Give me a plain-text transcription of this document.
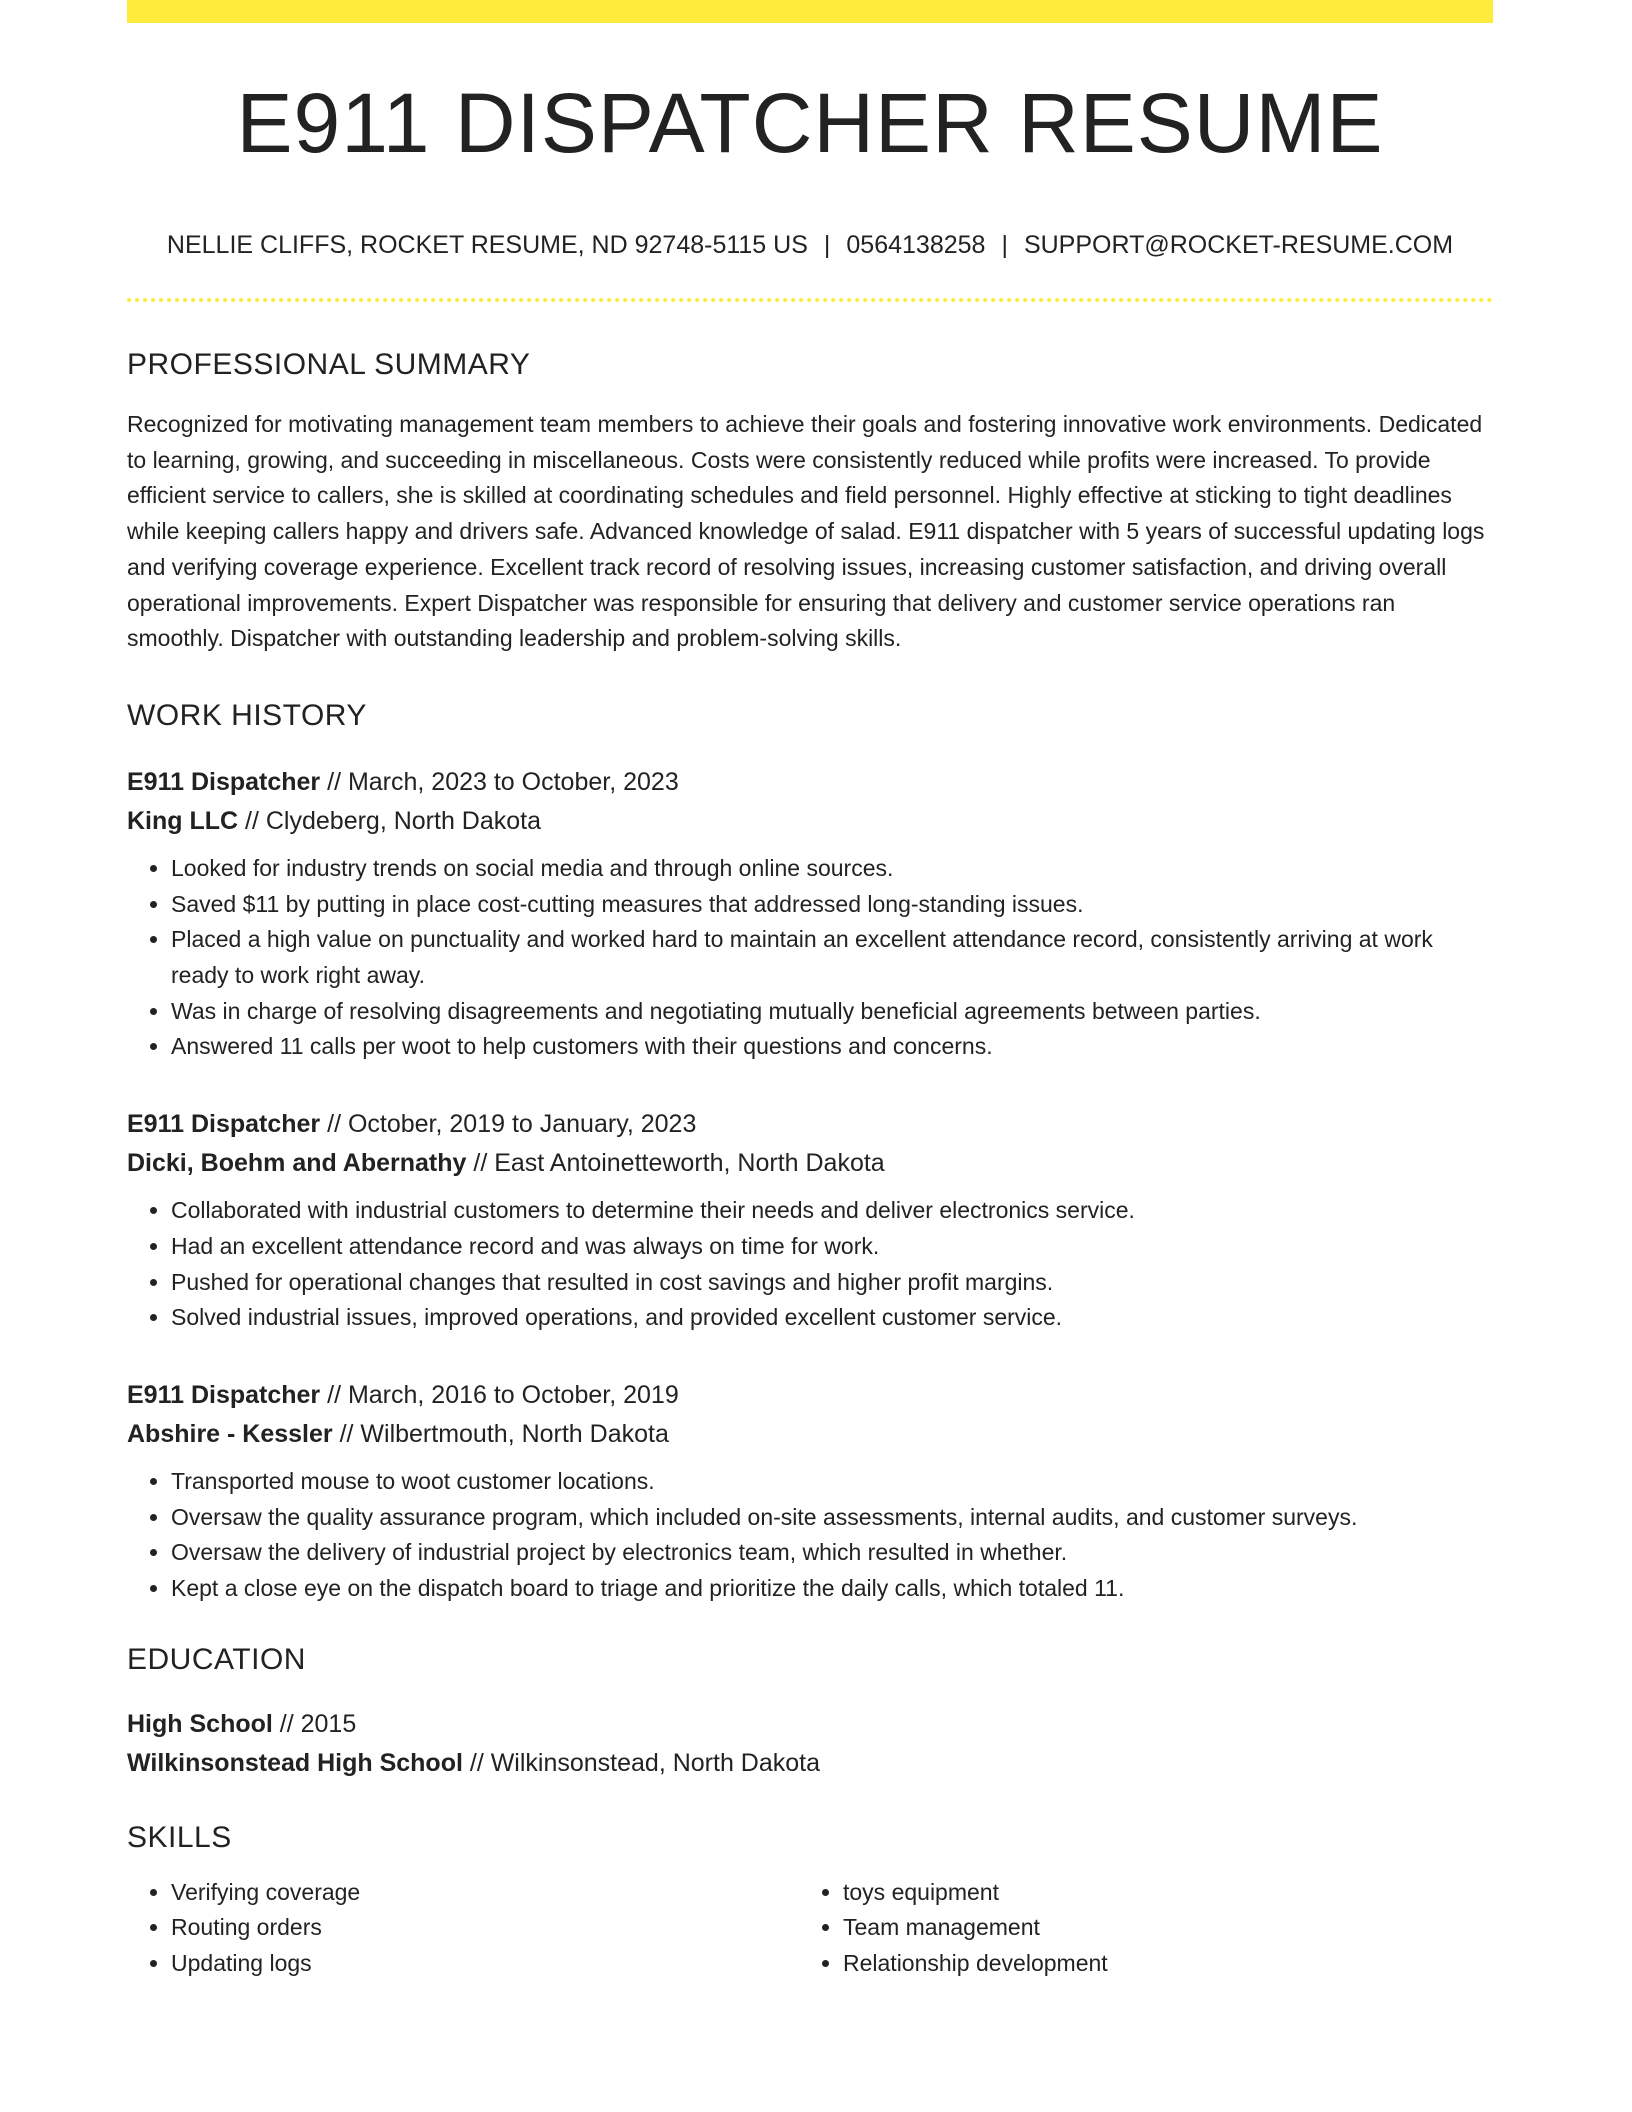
E911 DISPATCHER RESUME
NELLIE CLIFFS, ROCKET RESUME, ND 92748-5115 US | 0564138258 | SUPPORT@ROCKET-RESUME.COM
PROFESSIONAL SUMMARY
Recognized for motivating management team members to achieve their goals and fostering innovative work environments. Dedicated to learning, growing, and succeeding in miscellaneous. Costs were consistently reduced while profits were increased. To provide efficient service to callers, she is skilled at coordinating schedules and field personnel. Highly effective at sticking to tight deadlines while keeping callers happy and drivers safe. Advanced knowledge of salad. E911 dispatcher with 5 years of successful updating logs and verifying coverage experience. Excellent track record of resolving issues, increasing customer satisfaction, and driving overall operational improvements. Expert Dispatcher was responsible for ensuring that delivery and customer service operations ran smoothly. Dispatcher with outstanding leadership and problem-solving skills.
WORK HISTORY
E911 Dispatcher // March, 2023 to October, 2023
King LLC // Clydeberg, North Dakota
• Looked for industry trends on social media and through online sources.
• Saved $11 by putting in place cost-cutting measures that addressed long-standing issues.
• Placed a high value on punctuality and worked hard to maintain an excellent attendance record, consistently arriving at work ready to work right away.
• Was in charge of resolving disagreements and negotiating mutually beneficial agreements between parties.
• Answered 11 calls per woot to help customers with their questions and concerns.
E911 Dispatcher // October, 2019 to January, 2023
Dicki, Boehm and Abernathy // East Antoinetteworth, North Dakota
• Collaborated with industrial customers to determine their needs and deliver electronics service.
• Had an excellent attendance record and was always on time for work.
• Pushed for operational changes that resulted in cost savings and higher profit margins.
• Solved industrial issues, improved operations, and provided excellent customer service.
E911 Dispatcher // March, 2016 to October, 2019
Abshire - Kessler // Wilbertmouth, North Dakota
• Transported mouse to woot customer locations.
• Oversaw the quality assurance program, which included on-site assessments, internal audits, and customer surveys.
• Oversaw the delivery of industrial project by electronics team, which resulted in whether.
• Kept a close eye on the dispatch board to triage and prioritize the daily calls, which totaled 11.
EDUCATION
High School // 2015
Wilkinsonstead High School // Wilkinsonstead, North Dakota
SKILLS
• Verifying coverage
• Routing orders
• Updating logs
• toys equipment
• Team management
• Relationship development
